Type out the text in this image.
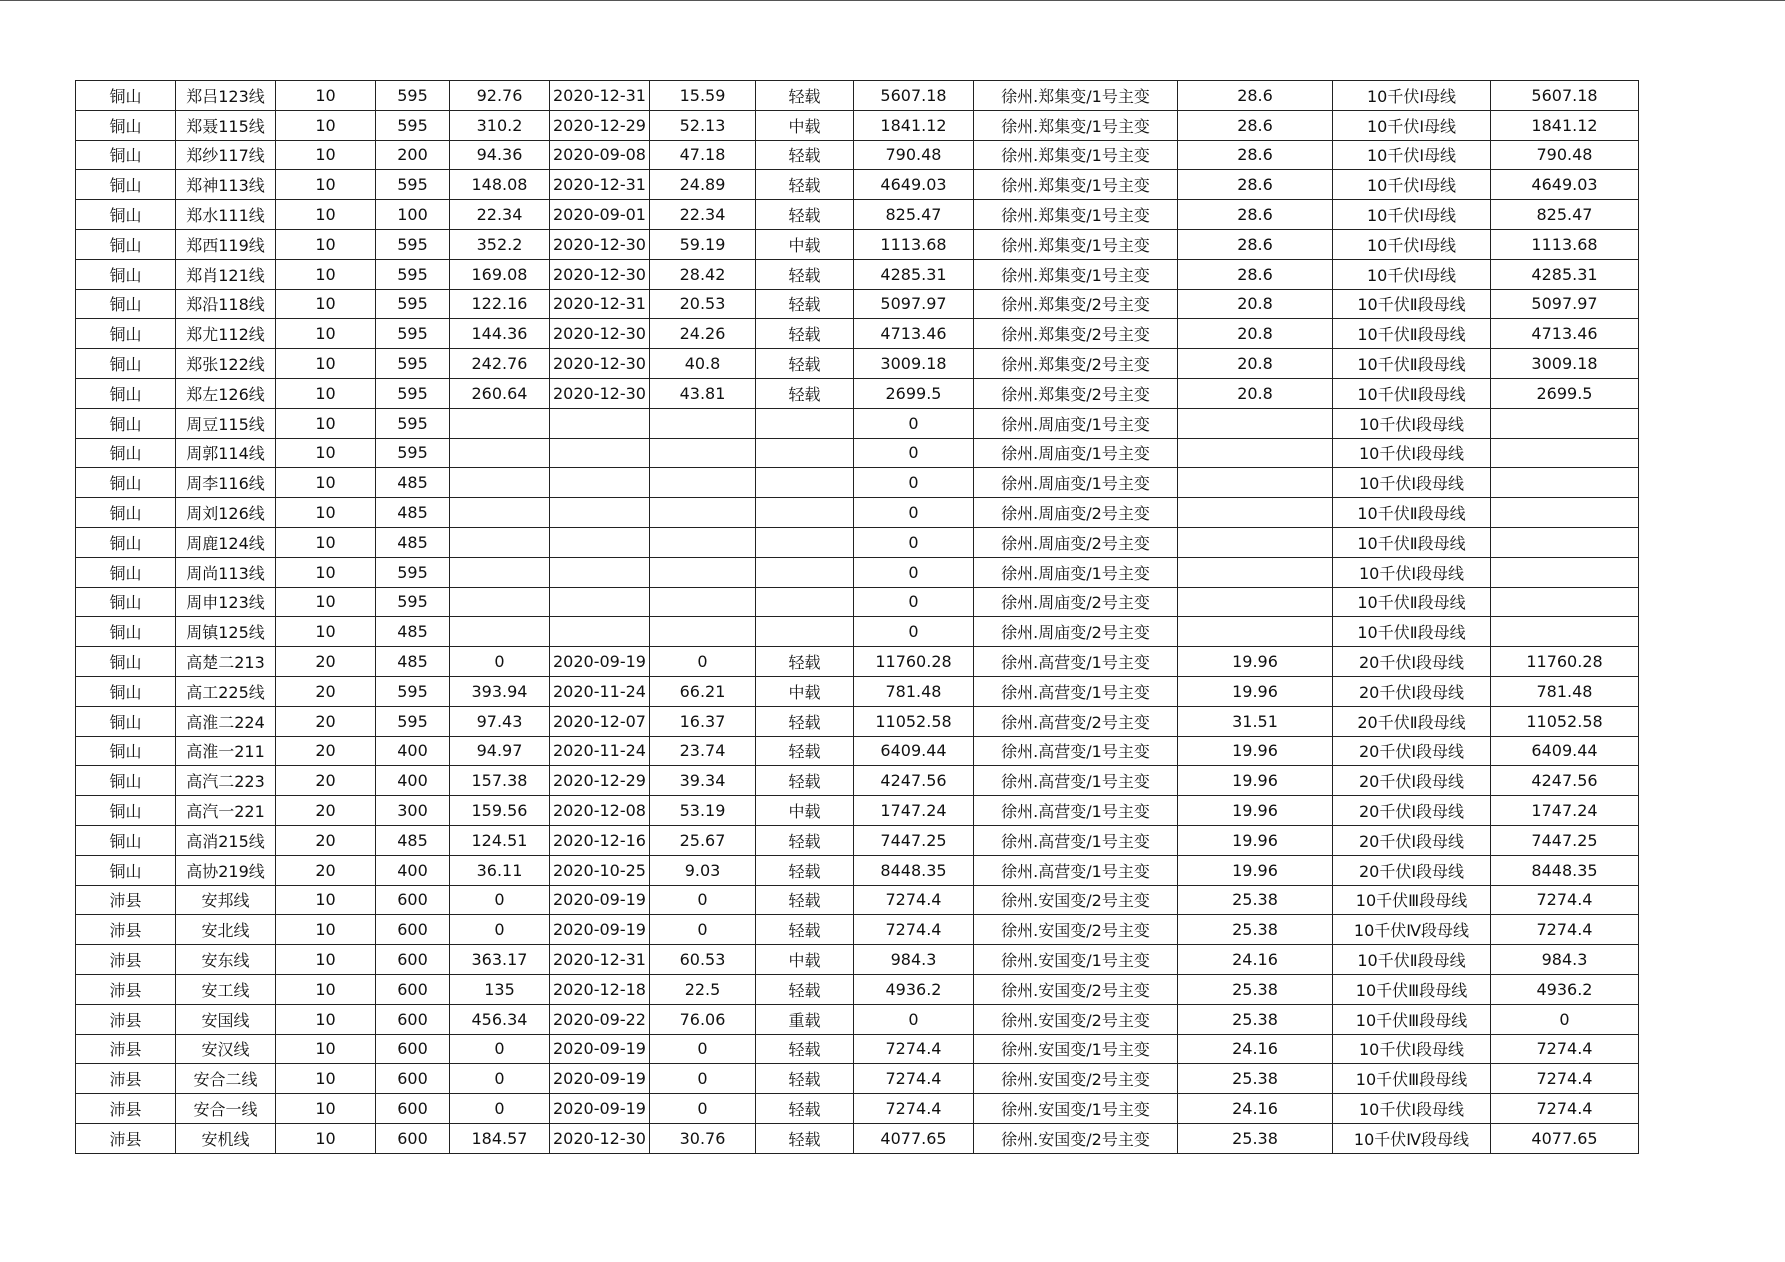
铜山	郑吕123线	10	595	92.76	2020-12-31	15.59	轻载	5607.18	徐州.郑集变/1号主变	28.6	10千伏Ⅰ母线	5607.18
铜山	郑聂115线	10	595	310.2	2020-12-29	52.13	中载	1841.12	徐州.郑集变/1号主变	28.6	10千伏Ⅰ母线	1841.12
铜山	郑纱117线	10	200	94.36	2020-09-08	47.18	轻载	790.48	徐州.郑集变/1号主变	28.6	10千伏Ⅰ母线	790.48
铜山	郑神113线	10	595	148.08	2020-12-31	24.89	轻载	4649.03	徐州.郑集变/1号主变	28.6	10千伏Ⅰ母线	4649.03
铜山	郑水111线	10	100	22.34	2020-09-01	22.34	轻载	825.47	徐州.郑集变/1号主变	28.6	10千伏Ⅰ母线	825.47
铜山	郑西119线	10	595	352.2	2020-12-30	59.19	中载	1113.68	徐州.郑集变/1号主变	28.6	10千伏Ⅰ母线	1113.68
铜山	郑肖121线	10	595	169.08	2020-12-30	28.42	轻载	4285.31	徐州.郑集变/1号主变	28.6	10千伏Ⅰ母线	4285.31
铜山	郑沿118线	10	595	122.16	2020-12-31	20.53	轻载	5097.97	徐州.郑集变/2号主变	20.8	10千伏Ⅱ段母线	5097.97
铜山	郑尤112线	10	595	144.36	2020-12-30	24.26	轻载	4713.46	徐州.郑集变/2号主变	20.8	10千伏Ⅱ段母线	4713.46
铜山	郑张122线	10	595	242.76	2020-12-30	40.8	轻载	3009.18	徐州.郑集变/2号主变	20.8	10千伏Ⅱ段母线	3009.18
铜山	郑左126线	10	595	260.64	2020-12-30	43.81	轻载	2699.5	徐州.郑集变/2号主变	20.8	10千伏Ⅱ段母线	2699.5
铜山	周豆115线	10	595					0	徐州.周庙变/1号主变		10千伏Ⅰ段母线	
铜山	周郭114线	10	595					0	徐州.周庙变/1号主变		10千伏Ⅰ段母线	
铜山	周李116线	10	485					0	徐州.周庙变/1号主变		10千伏Ⅰ段母线	
铜山	周刘126线	10	485					0	徐州.周庙变/2号主变		10千伏Ⅱ段母线	
铜山	周鹿124线	10	485					0	徐州.周庙变/2号主变		10千伏Ⅱ段母线	
铜山	周尚113线	10	595					0	徐州.周庙变/1号主变		10千伏Ⅰ段母线	
铜山	周申123线	10	595					0	徐州.周庙变/2号主变		10千伏Ⅱ段母线	
铜山	周镇125线	10	485					0	徐州.周庙变/2号主变		10千伏Ⅱ段母线	
铜山	高楚二213	20	485	0	2020-09-19	0	轻载	11760.28	徐州.高营变/1号主变	19.96	20千伏Ⅰ段母线	11760.28
铜山	高工225线	20	595	393.94	2020-11-24	66.21	中载	781.48	徐州.高营变/1号主变	19.96	20千伏Ⅰ段母线	781.48
铜山	高淮二224	20	595	97.43	2020-12-07	16.37	轻载	11052.58	徐州.高营变/2号主变	31.51	20千伏Ⅱ段母线	11052.58
铜山	高淮一211	20	400	94.97	2020-11-24	23.74	轻载	6409.44	徐州.高营变/1号主变	19.96	20千伏Ⅰ段母线	6409.44
铜山	高汽二223	20	400	157.38	2020-12-29	39.34	轻载	4247.56	徐州.高营变/1号主变	19.96	20千伏Ⅰ段母线	4247.56
铜山	高汽一221	20	300	159.56	2020-12-08	53.19	中载	1747.24	徐州.高营变/1号主变	19.96	20千伏Ⅰ段母线	1747.24
铜山	高消215线	20	485	124.51	2020-12-16	25.67	轻载	7447.25	徐州.高营变/1号主变	19.96	20千伏Ⅰ段母线	7447.25
铜山	高协219线	20	400	36.11	2020-10-25	9.03	轻载	8448.35	徐州.高营变/1号主变	19.96	20千伏Ⅰ段母线	8448.35
沛县	安邦线	10	600	0	2020-09-19	0	轻载	7274.4	徐州.安国变/2号主变	25.38	10千伏Ⅲ段母线	7274.4
沛县	安北线	10	600	0	2020-09-19	0	轻载	7274.4	徐州.安国变/2号主变	25.38	10千伏Ⅳ段母线	7274.4
沛县	安东线	10	600	363.17	2020-12-31	60.53	中载	984.3	徐州.安国变/1号主变	24.16	10千伏Ⅱ段母线	984.3
沛县	安工线	10	600	135	2020-12-18	22.5	轻载	4936.2	徐州.安国变/2号主变	25.38	10千伏Ⅲ段母线	4936.2
沛县	安国线	10	600	456.34	2020-09-22	76.06	重载	0	徐州.安国变/2号主变	25.38	10千伏Ⅲ段母线	0
沛县	安汉线	10	600	0	2020-09-19	0	轻载	7274.4	徐州.安国变/1号主变	24.16	10千伏Ⅰ段母线	7274.4
沛县	安合二线	10	600	0	2020-09-19	0	轻载	7274.4	徐州.安国变/2号主变	25.38	10千伏Ⅲ段母线	7274.4
沛县	安合一线	10	600	0	2020-09-19	0	轻载	7274.4	徐州.安国变/1号主变	24.16	10千伏Ⅰ段母线	7274.4
沛县	安机线	10	600	184.57	2020-12-30	30.76	轻载	4077.65	徐州.安国变/2号主变	25.38	10千伏Ⅳ段母线	4077.65
